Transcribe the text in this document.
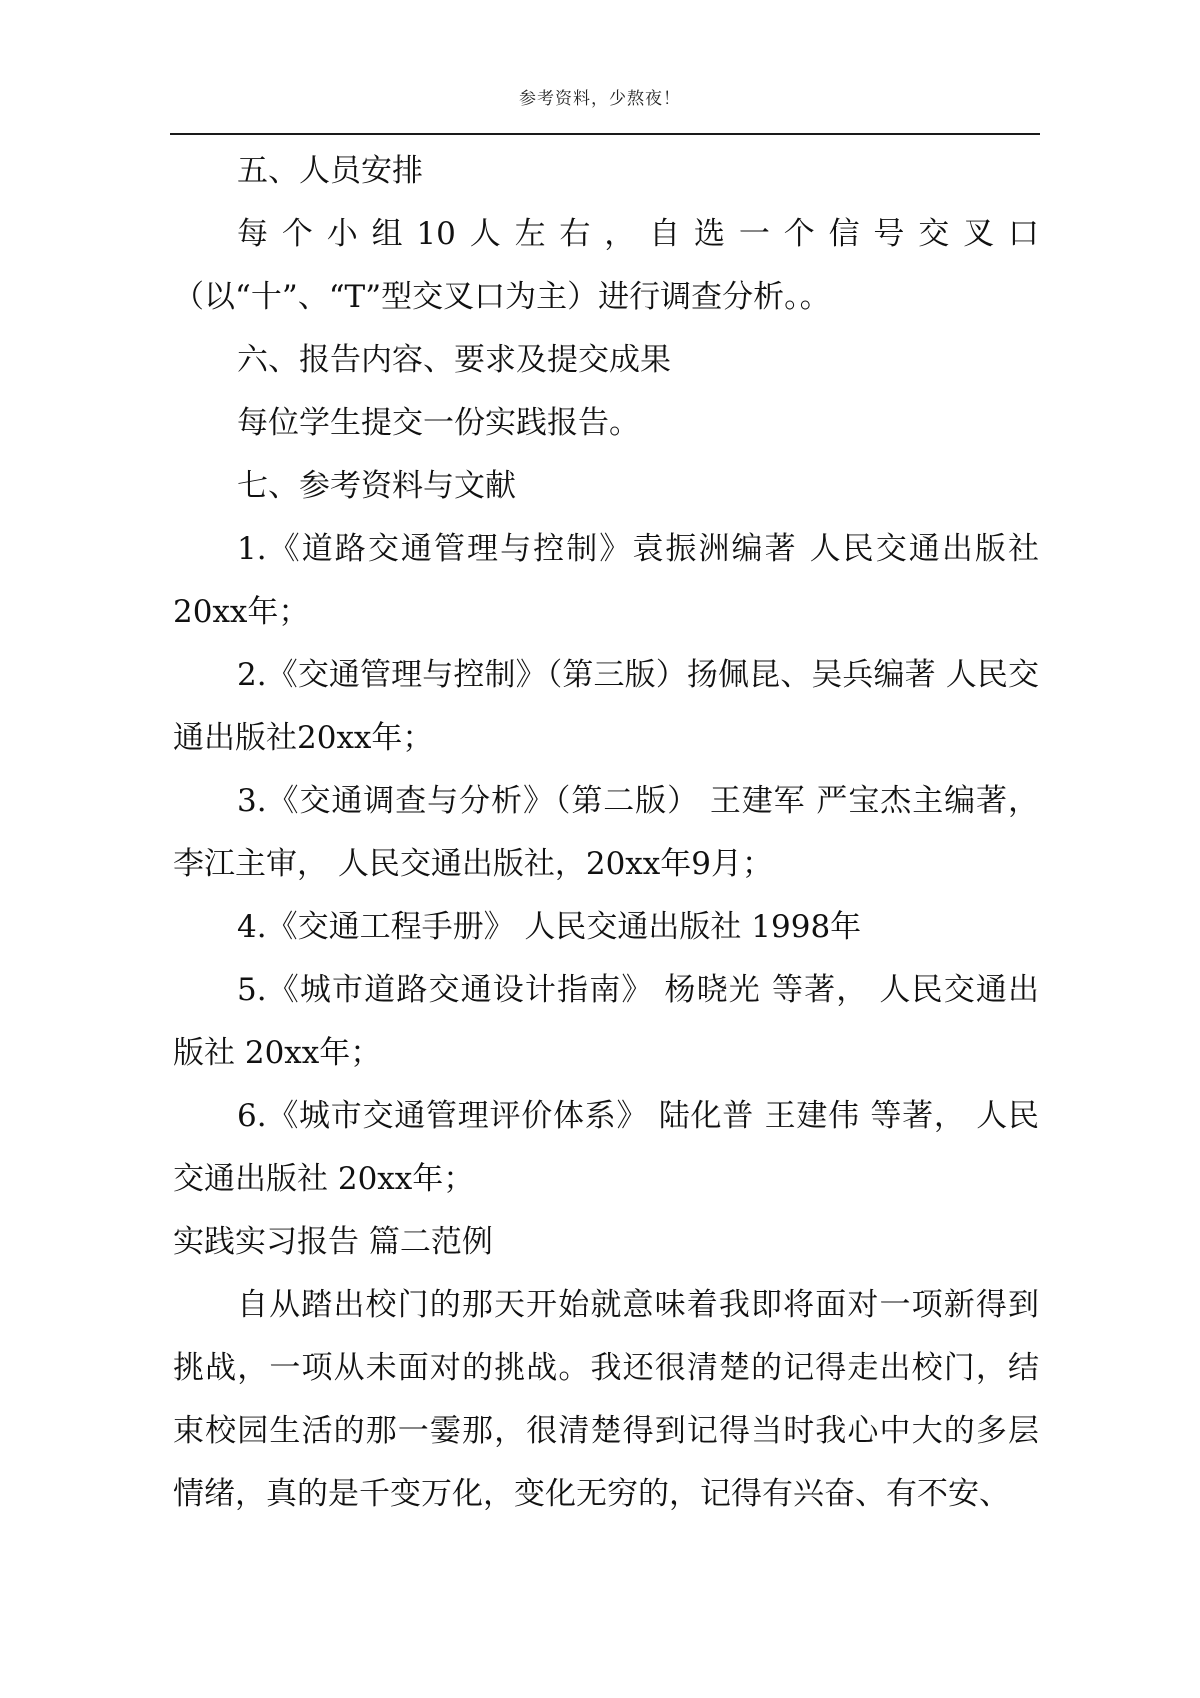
参考资料，少熬夜！

五、人员安排

每个小组10人左右，自选一个信号交叉口（以“十”、“T”型交叉口为主）进行调查分析。。

六、报告内容、要求及提交成果

每位学生提交一份实践报告。

七、参考资料与文献

1.《道路交通管理与控制》袁振洲编著 人民交通出版社 20xx年；

2.《交通管理与控制》（第三版）扬佩昆、吴兵编著 人民交通出版社20xx年；

3.《交通调查与分析》（第二版） 王建军 严宝杰主编著，李江主审， 人民交通出版社，20xx年9月；

4.《交通工程手册》 人民交通出版社 1998年

5.《城市道路交通设计指南》 杨晓光 等著， 人民交通出版社 20xx年；

6.《城市交通管理评价体系》 陆化普 王建伟 等著， 人民交通出版社 20xx年；

实践实习报告 篇二范例

自从踏出校门的那天开始就意味着我即将面对一项新得到挑战，一项从未面对的挑战。我还很清楚的记得走出校门，结束校园生活的那一霎那，很清楚得到记得当时我心中大的多层情绪，真的是千变万化，变化无穷的，记得有兴奋、有不安、
